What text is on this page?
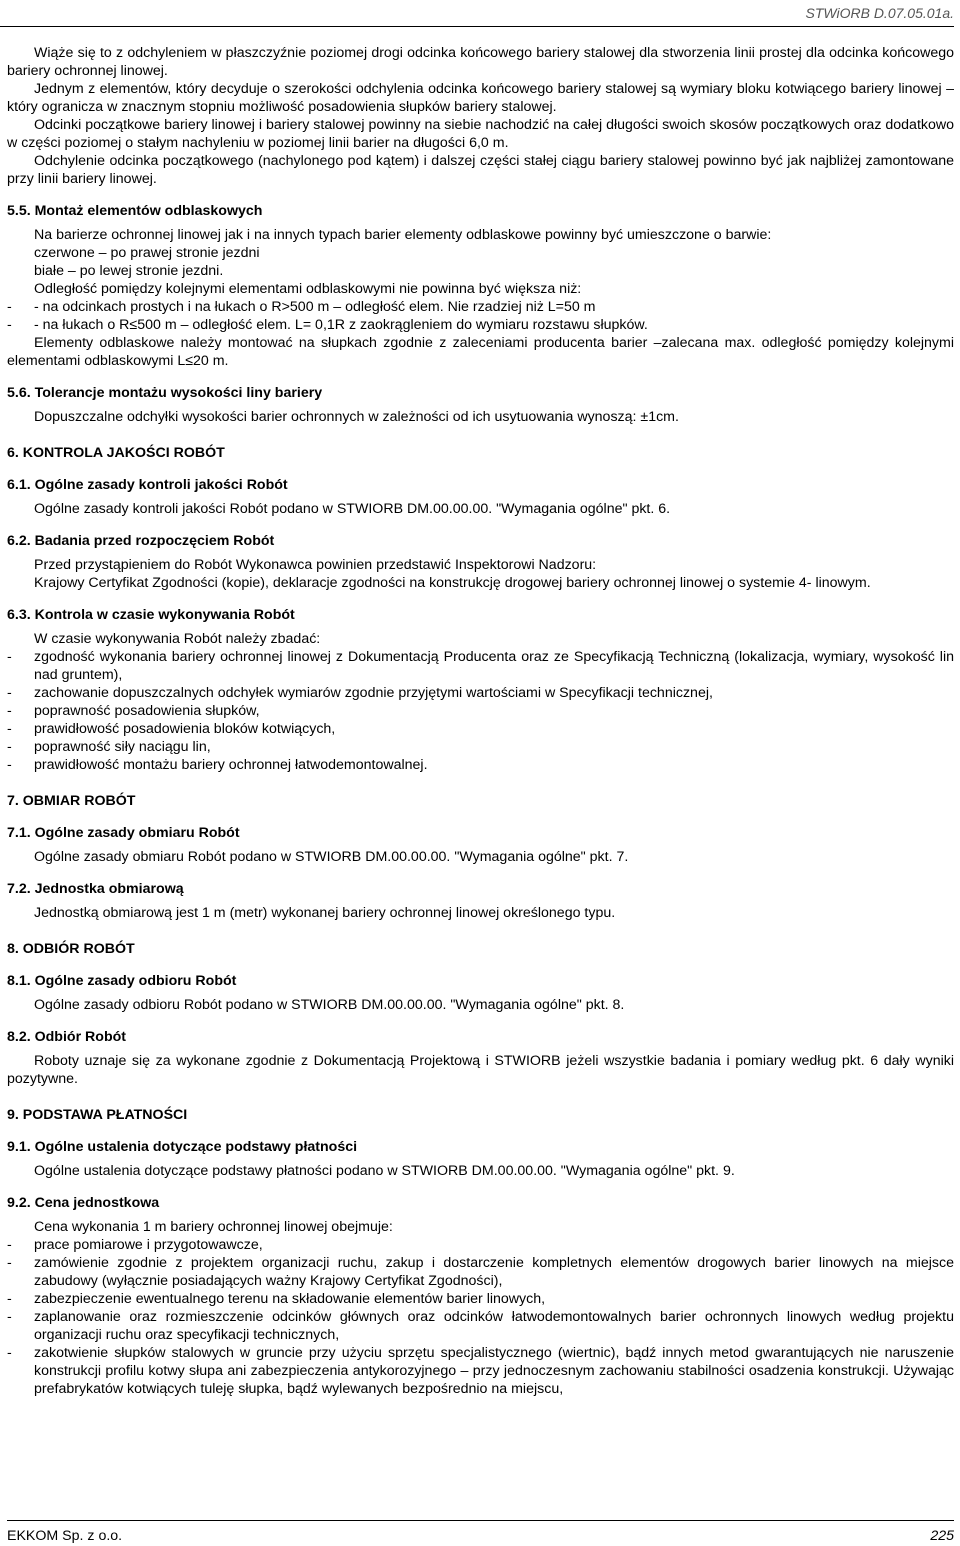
STWiORB D.07.05.01a.

Wiąże się to z odchyleniem w płaszczyźnie poziomej drogi odcinka końcowego bariery stalowej dla stworzenia linii prostej dla odcinka końcowego bariery ochronnej linowej.

Jednym z elementów, który decyduje o szerokości odchylenia odcinka końcowego bariery stalowej są wymiary bloku kotwiącego bariery linowej – który ogranicza w znacznym stopniu możliwość posadowienia słupków bariery stalowej.

Odcinki początkowe bariery linowej i bariery stalowej powinny na siebie nachodzić na całej długości swoich skosów początkowych oraz dodatkowo w części poziomej o stałym nachyleniu w poziomej linii barier na długości 6,0 m.

Odchylenie odcinka początkowego (nachylonego pod kątem) i dalszej części stałej ciągu bariery stalowej powinno być jak najbliżej zamontowane przy linii bariery linowej.

5.5. Montaż elementów odblaskowych

Na barierze ochronnej linowej jak i na innych typach barier elementy odblaskowe powinny być umieszczone o barwie:

czerwone – po prawej stronie jezdni

białe – po lewej stronie jezdni.

Odległość pomiędzy kolejnymi elementami odblaskowymi nie powinna być większa niż:

-	- na odcinkach prostych i na łukach o R>500 m – odległość elem. Nie rzadziej niż L=50 m
-	- na łukach o R≤500 m – odległość elem. L= 0,1R z zaokrągleniem do wymiaru rozstawu słupków.

Elementy odblaskowe należy montować na słupkach zgodnie z zaleceniami producenta barier –zalecana max. odległość pomiędzy kolejnymi elementami odblaskowymi L≤20 m.

5.6. Tolerancje montażu wysokości liny bariery

Dopuszczalne odchyłki wysokości barier ochronnych w zależności od ich usytuowania wynoszą: ±1cm.

6. KONTROLA JAKOŚCI ROBÓT

6.1. Ogólne zasady kontroli jakości Robót

Ogólne zasady kontroli jakości Robót podano w STWIORB DM.00.00.00. "Wymagania ogólne" pkt. 6.

6.2. Badania przed rozpoczęciem Robót

Przed przystąpieniem do Robót Wykonawca powinien przedstawić Inspektorowi Nadzoru:

Krajowy Certyfikat Zgodności (kopie), deklaracje zgodności na konstrukcję drogowej bariery ochronnej linowej o systemie 4- linowym.

6.3. Kontrola w czasie wykonywania Robót

W czasie wykonywania Robót należy zbadać:

-	zgodność wykonania bariery ochronnej linowej z Dokumentacją Producenta oraz ze Specyfikacją Techniczną (lokalizacja, wymiary, wysokość lin nad gruntem),
-	zachowanie dopuszczalnych odchyłek wymiarów zgodnie przyjętymi wartościami w Specyfikacji technicznej,
-	poprawność posadowienia słupków,
-	prawidłowość posadowienia bloków kotwiących,
-	poprawność siły naciągu lin,
-	prawidłowość montażu bariery ochronnej łatwodemontowalnej.

7. OBMIAR ROBÓT

7.1. Ogólne zasady obmiaru Robót

Ogólne zasady obmiaru Robót podano w STWIORB DM.00.00.00. "Wymagania ogólne" pkt. 7.

7.2. Jednostka obmiarową

Jednostką obmiarową jest 1 m (metr) wykonanej bariery ochronnej linowej określonego typu.

8. ODBIÓR ROBÓT

8.1. Ogólne zasady odbioru Robót

Ogólne zasady odbioru Robót podano w STWIORB DM.00.00.00. "Wymagania ogólne" pkt. 8.

8.2. Odbiór Robót

Roboty uznaje się za wykonane zgodnie z Dokumentacją Projektową i STWIORB jeżeli wszystkie badania i pomiary według pkt. 6 dały wyniki pozytywne.

9. PODSTAWA PŁATNOŚCI

9.1. Ogólne ustalenia dotyczące podstawy płatności

Ogólne ustalenia dotyczące podstawy płatności podano w STWIORB DM.00.00.00. "Wymagania ogólne" pkt. 9.

9.2. Cena jednostkowa

Cena wykonania 1 m bariery ochronnej linowej obejmuje:

-	prace pomiarowe i przygotowawcze,
-	zamówienie zgodnie z projektem organizacji ruchu, zakup i dostarczenie kompletnych elementów drogowych barier linowych na miejsce zabudowy (wyłącznie posiadających ważny Krajowy Certyfikat Zgodności),
-	zabezpieczenie ewentualnego terenu na składowanie elementów barier linowych,
-	zaplanowanie oraz rozmieszczenie odcinków głównych oraz odcinków łatwodemontowalnych barier ochronnych linowych według projektu organizacji ruchu oraz specyfikacji technicznych,
-	zakotwienie słupków stalowych w gruncie przy użyciu sprzętu specjalistycznego (wiertnic), bądź innych metod gwarantujących nie naruszenie konstrukcji profilu kotwy słupa ani zabezpieczenia antykorozyjnego – przy jednoczesnym zachowaniu stabilności osadzenia konstrukcji. Używając prefabrykatów kotwiących tuleję słupka, bądź wylewanych bezpośrednio na miejscu,
EKKOM Sp. z o.o.	225
